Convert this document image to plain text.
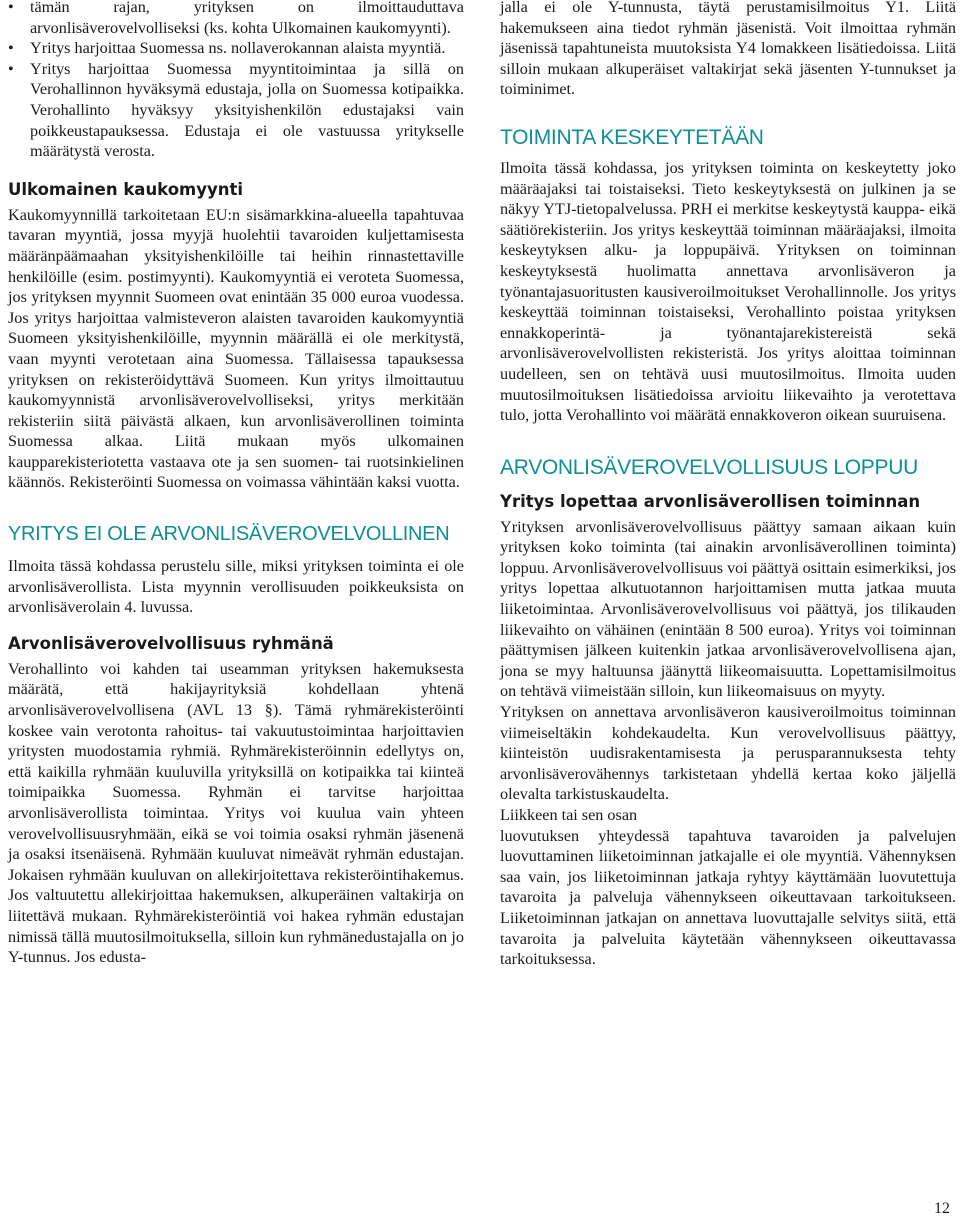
• tämän rajan, yrityksen on ilmoittauduttava arvonlisäverovelvolliseksi (ks. kohta Ulkomainen kaukomyynti).
• Yritys harjoittaa Suomessa ns. nollaverokannan alaista myyntiä.
• Yritys harjoittaa Suomessa myyntitoimintaa ja sillä on Verohallinnon hyväksymä edustaja, jolla on Suomessa kotipaikka. Verohallinto hyväksyy yksityishenkilön edustajaksi vain poikkeustapauksessa. Edustaja ei ole vastuussa yritykselle määrätystä verosta.
Ulkomainen kaukomyynti

Kaukomyynnillä tarkoitetaan EU:n sisämarkkina-alueella tapahtuvaa tavaran myyntiä, jossa myyjä huolehtii tavaroiden kuljettamisesta määränpäämaahan yksityishenkilöille tai heihin rinnastettaville henkilöille (esim. postimyynti). Kaukomyyntiä ei veroteta Suomessa, jos yrityksen myynnit Suomeen ovat enintään 35 000 euroa vuodessa. Jos yritys harjoittaa valmisteveron alaisten tavaroiden kaukomyyntiä Suomeen yksityishenkilöille, myynnin määrällä ei ole merkitystä, vaan myynti verotetaan aina Suomessa. Tällaisessa tapauksessa yrityksen on rekisteröidyttävä Suomeen. Kun yritys ilmoittautuu kaukomyynnistä arvonlisäverovelvolliseksi, yritys merkitään rekisteriin siitä päivästä alkaen, kun arvonlisäverollinen toiminta Suomessa alkaa. Liitä mukaan myös ulkomainen kaupparekisteriotetta vastaava ote ja sen suomen- tai ruotsinkielinen käännös. Rekisteröinti Suomessa on voimassa vähintään kaksi vuotta.

YRITYS EI OLE ARVONLISÄVEROVELVOLLINEN

Ilmoita tässä kohdassa perustelu sille, miksi yrityksen toiminta ei ole arvonlisäverollista. Lista myynnin verollisuuden poikkeuksista on arvonlisäverolain 4. luvussa.

Arvonlisäverovelvollisuus ryhmänä

Verohallinto voi kahden tai useamman yrityksen hakemuksesta määrätä, että hakijayrityksiä kohdellaan yhtenä arvonlisäverovelvollisena (AVL 13 §). Tämä ryhmärekisteröinti koskee vain verotonta rahoitus- tai vakuutustoimintaa harjoittavien yritysten muodostamia ryhmiä. Ryhmärekisteröinnin edellytys on, että kaikilla ryhmään kuuluvilla yrityksillä on kotipaikka tai kiinteä toimipaikka Suomessa. Ryhmän ei tarvitse harjoittaa arvonlisäverollista toimintaa. Yritys voi kuulua vain yhteen verovelvollisuusryhmään, eikä se voi toimia osaksi ryhmän jäsenenä ja osaksi itsenäisenä. Ryhmään kuuluvat nimeävät ryhmän edustajan. Jokaisen ryhmään kuuluvan on allekirjoitettava rekisteröintihakemus. Jos valtuutettu allekirjoittaa hakemuksen, alkuperäinen valtakirja on liitettävä mukaan. Ryhmärekisteröintiä voi hakea ryhmän edustajan nimissä tällä muutosilmoituksella, silloin kun ryhmänedustajalla on jo Y-tunnus. Jos edusta-

jalla ei ole Y-tunnusta, täytä perustamisilmoitus Y1. Liitä hakemukseen aina tiedot ryhmän jäsenistä. Voit ilmoittaa ryhmän jäsenissä tapahtuneista muutoksista Y4 lomakkeen lisätiedoissa. Liitä silloin mukaan alkuperäiset valtakirjat sekä jäsenten Y-tunnukset ja toiminimet.

TOIMINTA KESKEYTETÄÄN

Ilmoita tässä kohdassa, jos yrityksen toiminta on keskeytetty joko määräajaksi tai toistaiseksi. Tieto keskeytyksestä on julkinen ja se näkyy YTJ-tietopalvelussa. PRH ei merkitse keskeytystä kauppa- eikä säätiörekisteriin. Jos yritys keskeyttää toiminnan määräajaksi, ilmoita keskeytyksen alku- ja loppupäivä. Yrityksen on toiminnan keskeytyksestä huolimatta annettava arvonlisäveron ja työnantajasuoritusten kausiveroilmoitukset Verohallinnolle. Jos yritys keskeyttää toiminnan toistaiseksi, Verohallinto poistaa yrityksen ennakkoperintä- ja työnantajarekistereistä sekä arvonlisäverovelvollisten rekisteristä. Jos yritys aloittaa toiminnan uudelleen, sen on tehtävä uusi muutosilmoitus. Ilmoita uuden muutosilmoituksen lisätiedoissa arvioitu liikevaihto ja verotettava tulo, jotta Verohallinto voi määrätä ennakkoveron oikean suuruisena.

ARVONLISÄVEROVELVOLLISUUS LOPPUU
Yritys lopettaa arvonlisäverollisen toiminnan

Yrityksen arvonlisäverovelvollisuus päättyy samaan aikaan kuin yrityksen koko toiminta (tai ainakin arvonlisäverollinen toiminta) loppuu. Arvonlisäverovelvollisuus voi päättyä osittain esimerkiksi, jos yritys lopettaa alkutuotannon harjoittamisen mutta jatkaa muuta liiketoimintaa. Arvonlisäverovelvollisuus voi päättyä, jos tilikauden liikevaihto on vähäinen (enintään 8 500 euroa). Yritys voi toiminnan päättymisen jälkeen kuitenkin jatkaa arvonlisäverovelvollisena ajan, jona se myy haltuunsa jäänyttä liikeomaisuutta. Lopettamisilmoitus on tehtävä viimeistään silloin, kun liikeomaisuus on myyty.

Yrityksen on annettava arvonlisäveron kausiveroilmoitus toiminnan viimeiseltäkin kohdekaudelta. Kun verovelvollisuus päättyy, kiinteistön uudisrakentamisesta ja perusparannuksesta tehty arvonlisäverovähennys tarkistetaan yhdellä kertaa koko jäljellä olevalta tarkistuskaudelta.

Liikkeen tai sen osan

luovutuksen yhteydessä tapahtuva tavaroiden ja palvelujen luovuttaminen liiketoiminnan jatkajalle ei ole myyntiä. Vähennyksen saa vain, jos liiketoiminnan jatkaja ryhtyy käyttämään luovutettuja tavaroita ja palveluja vähennykseen oikeuttavaan tarkoitukseen. Liiketoiminnan jatkajan on annettava luovuttajalle selvitys siitä, että tavaroita ja palveluita käytetään vähennykseen oikeuttavassa tarkoituksessa.

12
